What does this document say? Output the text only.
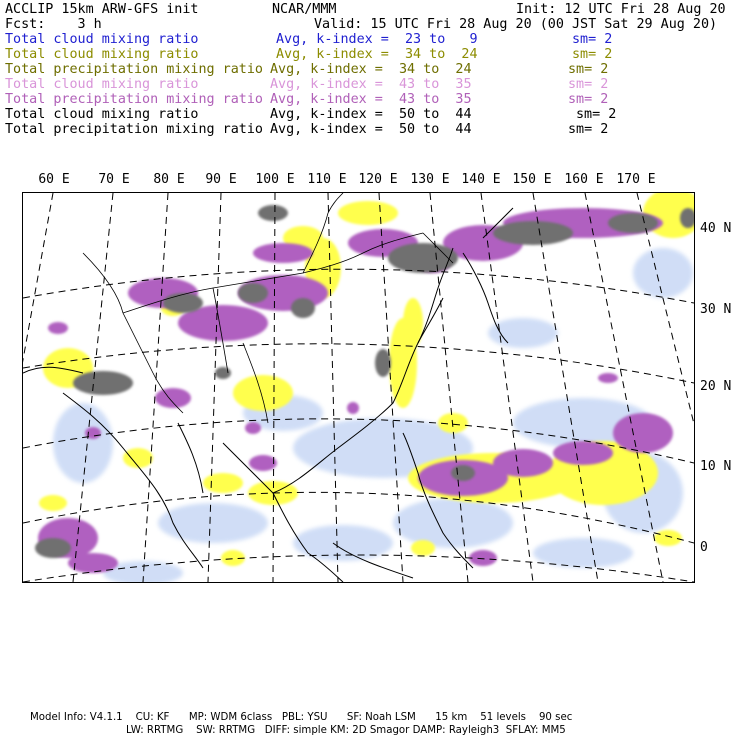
ACCLIP 15km ARW-GFS init	NCAR/MMM	Init: 12 UTC Fri 28 Aug 20
Fcst:    3 h	Valid: 15 UTC Fri 28 Aug 20 (00 JST Sat 29 Aug 20)
Total cloud mixing ratio	Avg, k-index =  23 to   9	sm= 2
Total cloud mixing ratio	Avg, k-index =  34 to  24	sm= 2
Total precipitation mixing ratio Avg, k-index =  34 to  24	sm= 2
Total cloud mixing ratio	Avg, k-index =  43 to  35	sm= 2
Total precipitation mixing ratio Avg, k-index =  43 to  35	sm= 2
Total cloud mixing ratio	Avg, k-index =  50 to  44	sm= 2
Total precipitation mixing ratio Avg, k-index =  50 to  44	sm= 2
60 E 70 E 80 E 90 E 100 E 110 E 120 E 130 E 140 E 150 E 160 E 170 E
40 N
30 N
20 N
10 N
0
Model Info: V4.1.1    CU: KF      MP: WDM 6class   PBL: YSU      SF: Noah LSM      15 km    51 levels    90 sec
LW: RRTMG    SW: RRTMG   DIFF: simple KM: 2D Smagor DAMP: Rayleigh3  SFLAY: MM5
